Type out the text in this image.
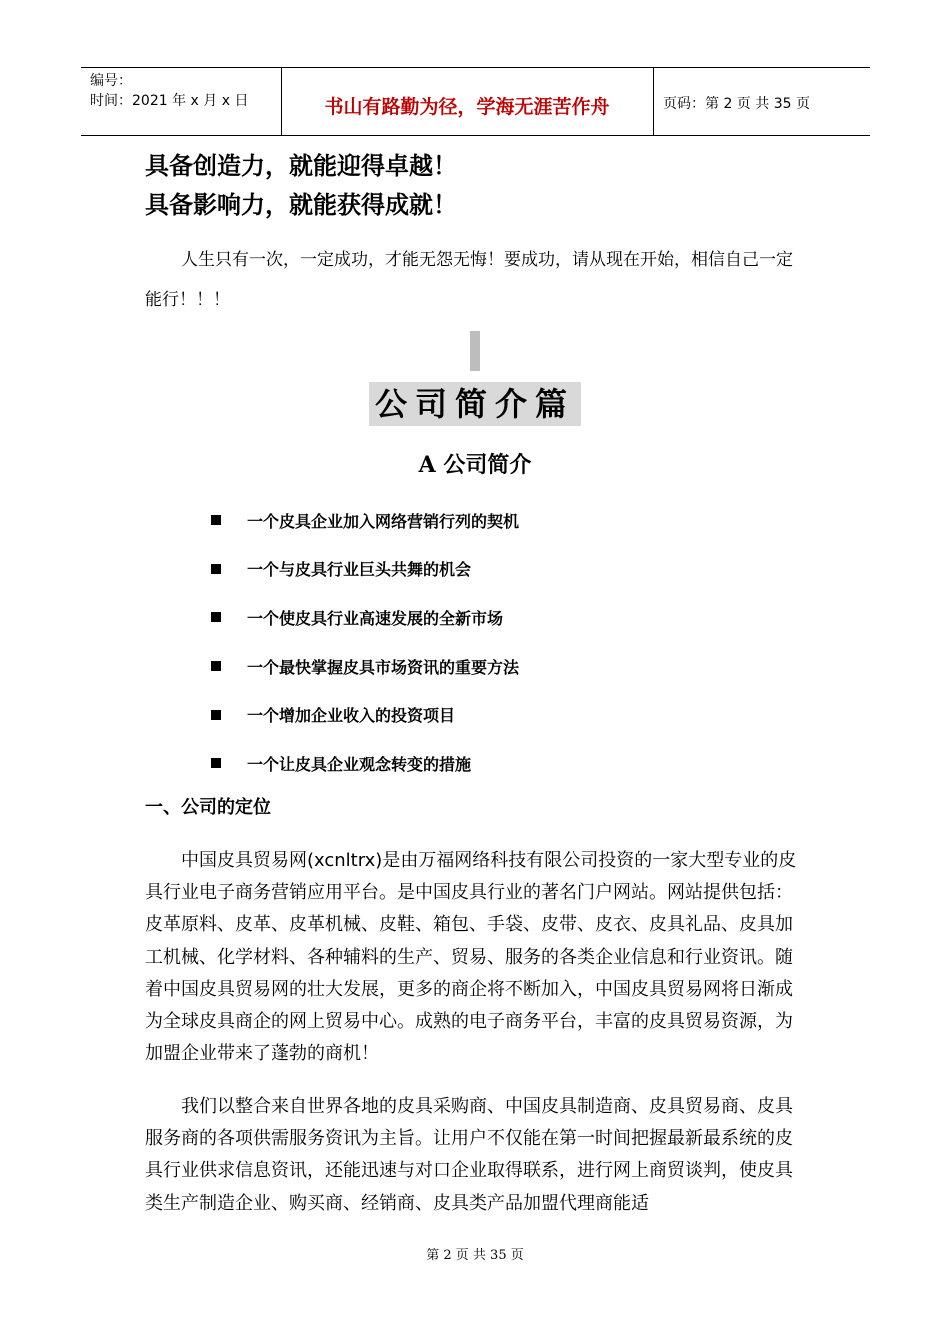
编号：
时间：2021 年 x 月 x 日	书山有路勤为径，学海无涯苦作舟	页码：第 2 页 共 35 页
具备创造力，就能迎得卓越！
具备影响力，就能获得成就！

人生只有一次，一定成功，才能无怨无悔！要成功，请从现在开始，相信自己一定能行！！！

公司简介篇
A 公司简介
一个皮具企业加入网络营销行列的契机
一个与皮具行业巨头共舞的机会
一个使皮具行业高速发展的全新市场
一个最快掌握皮具市场资讯的重要方法
一个增加企业收入的投资项目
一个让皮具企业观念转变的措施
一、公司的定位

中国皮具贸易网(xcnltrx)是由万福网络科技有限公司投资的一家大型专业的皮具行业电子商务营销应用平台。是中国皮具行业的著名门户网站。网站提供包括：皮革原料、皮革、皮革机械、皮鞋、箱包、手袋、皮带、皮衣、皮具礼品、皮具加工机械、化学材料、各种辅料的生产、贸易、服务的各类企业信息和行业资讯。随着中国皮具贸易网的壮大发展，更多的商企将不断加入，中国皮具贸易网将日渐成为全球皮具商企的网上贸易中心。成熟的电子商务平台，丰富的皮具贸易资源，为加盟企业带来了蓬勃的商机！

我们以整合来自世界各地的皮具采购商、中国皮具制造商、皮具贸易商、皮具服务商的各项供需服务资讯为主旨。让用户不仅能在第一时间把握最新最系统的皮具行业供求信息资讯，还能迅速与对口企业取得联系，进行网上商贸谈判，使皮具类生产制造企业、购买商、经销商、皮具类产品加盟代理商能适

第 2 页 共 35 页
